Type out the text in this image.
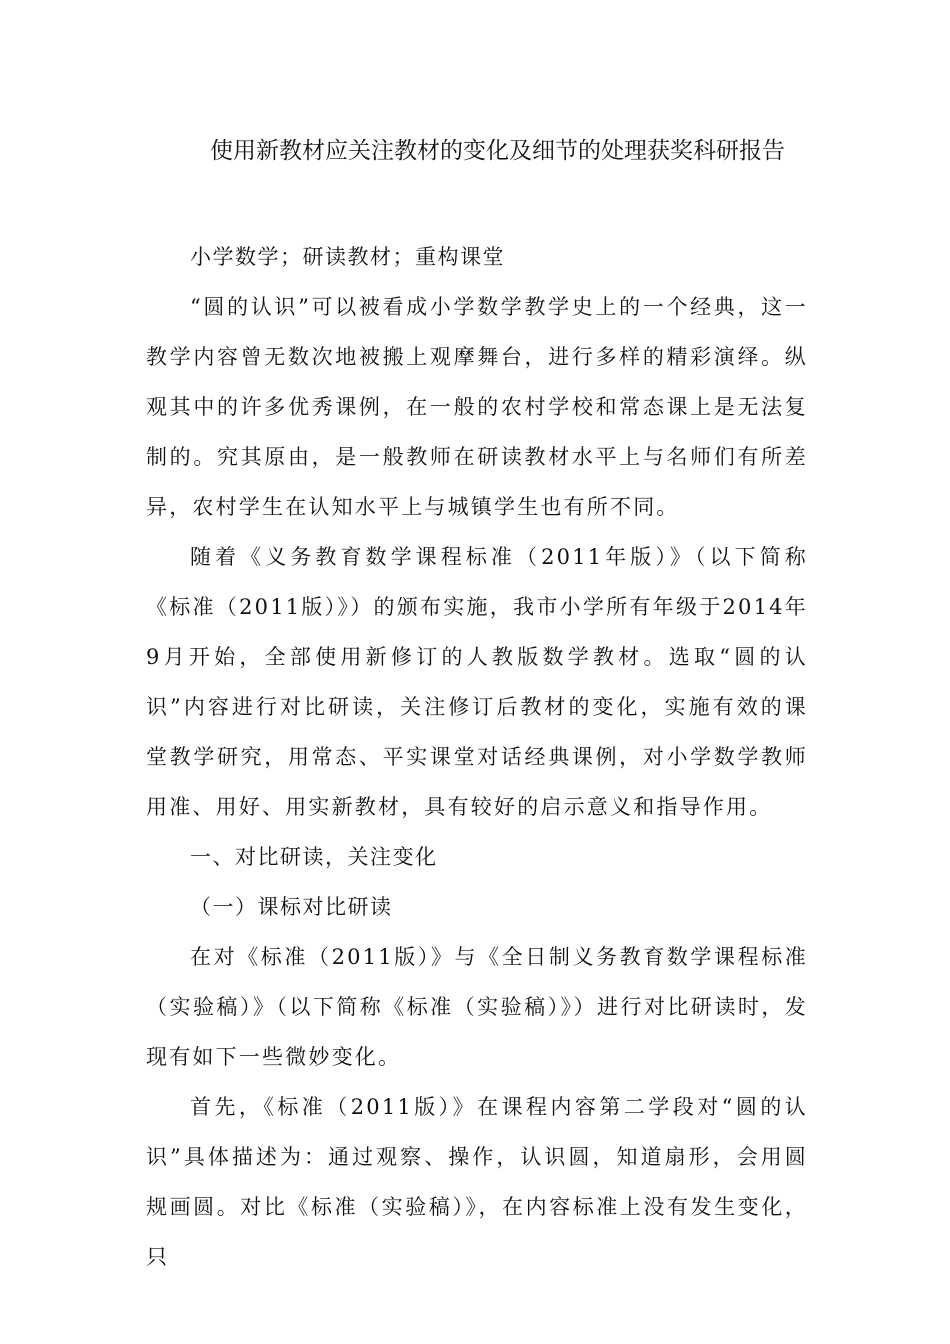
使用新教材应关注教材的变化及细节的处理获奖科研报告

小学数学；研读教材；重构课堂

“圆的认识”可以被看成小学数学教学史上的一个经典，这一教学内容曾无数次地被搬上观摩舞台，进行多样的精彩演绎。纵观其中的许多优秀课例，在一般的农村学校和常态课上是无法复制的。究其原由，是一般教师在研读教材水平上与名师们有所差异，农村学生在认知水平上与城镇学生也有所不同。

随着《义务教育数学课程标准（2011年版）》（以下简称《标准（2011版）》）的颁布实施，我市小学所有年级于2014年9月开始，全部使用新修订的人教版数学教材。选取“圆的认识”内容进行对比研读，关注修订后教材的变化，实施有效的课堂教学研究，用常态、平实课堂对话经典课例，对小学数学教师用准、用好、用实新教材，具有较好的启示意义和指导作用。

一、对比研读，关注变化

（一）课标对比研读

在对《标准（2011版）》与《全日制义务教育数学课程标准（实验稿）》（以下简称《标准（实验稿）》）进行对比研读时，发现有如下一些微妙变化。

首先，《标准（2011版）》在课程内容第二学段对“圆的认识”具体描述为：通过观察、操作，认识圆，知道扇形，会用圆规画圆。对比《标准（实验稿）》，在内容标准上没有发生变化，只
